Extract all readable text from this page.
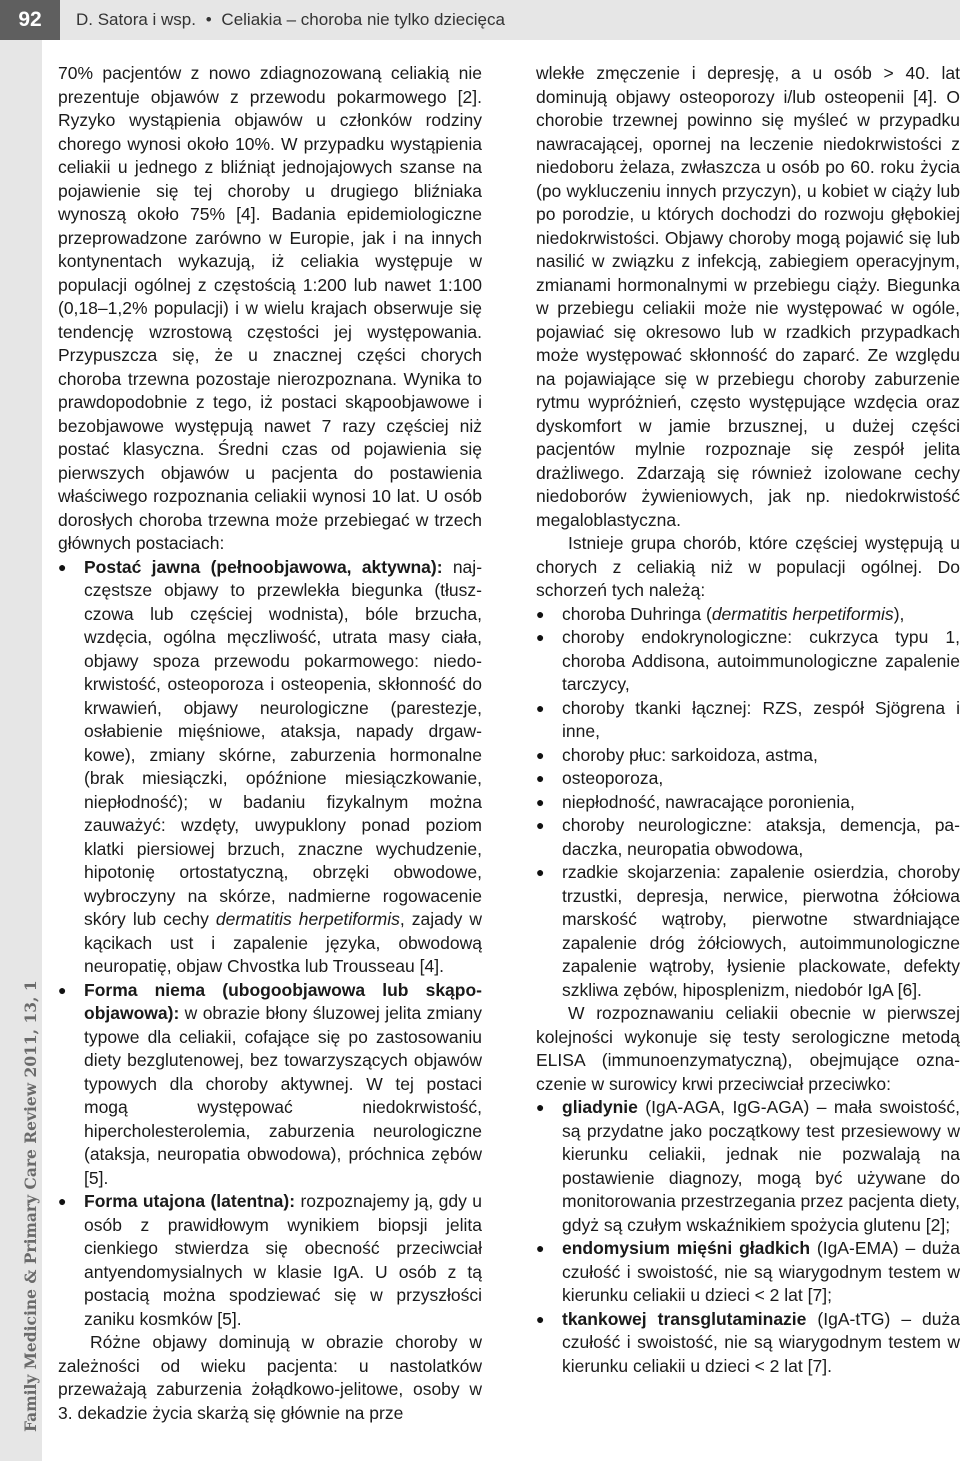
92	D. Satora i wsp. • Celiakia – choroba nie tylko dziecięca
Family Medicine & Primary Care Review 2011, 13, 1

70% pacjentów z nowo zdiagnozowaną celiakią nie prezentuje objawów z przewodu pokarmowego [2]. Ryzyko wystąpienia objawów u członków rodziny chorego wynosi około 10%. W przypadku wystąpienia celiakii u jednego z bliźniąt jednojajowych szanse na pojawienie się tej choroby u drugiego bliźniaka wynoszą około 75% [4]. Badania epidemiologiczne przeprowadzone zarówno w Europie, jak i na innych kontynentach wykazują, iż celiakia występuje w populacji ogólnej z częstością 1:200 lub nawet 1:100 (0,18–1,2% populacji) i w wielu krajach obserwuje się tendencję wzrostową częstości jej występowania. Przypuszcza się, że u znacznej części chorych choroba trzewna pozostaje nierozpoznana. Wynika to prawdopodobnie z tego, iż postaci skąpoobjawowe i bezobjawowe występują nawet 7 razy częściej niż postać klasyczna. Średni czas od pojawienia się pierwszych objawów u pacjenta do postawienia właściwego rozpoznania celiakii wynosi 10 lat. U osób dorosłych choroba trzewna może przebiegać w trzech głównych postaciach:

● Postać jawna (pełnoobjawowa, aktywna): najczęstsze objawy to przewlekła biegunka (tłuszczowa lub częściej wodnista), bóle brzucha, wzdęcia, ogólna męczliwość, utrata masy ciała, objawy spoza przewodu pokarmowego: niedokrwistość, osteoporoza i osteopenia, skłonność do krwawień, objawy neurologiczne (parestezje, osłabienie mięśniowe, ataksja, napady drgawkowe), zmiany skórne, zaburzenia hormonalne (brak miesiączki, opóźnione miesiączkowanie, niepłodność); w badaniu fizykalnym można zauważyć: wzdęty, uwypuklony ponad poziom klatki piersiowej brzuch, znaczne wychudzenie, hipotonię ortostatyczną, obrzęki obwodowe, wybroczyny na skórze, nadmierne rogowacenie skóry lub cechy dermatitis herpetiformis, zajady w kącikach ust i zapalenie języka, obwodową neuropatię, objaw Chvostka lub Trousseau [4].
● Forma niema (ubogoobjawowa lub skąpoobjawowa): w obrazie błony śluzowej jelita zmiany typowe dla celiakii, cofające się po zastosowaniu diety bezglutenowej, bez towarzyszących objawów typowych dla choroby aktywnej. W tej postaci mogą występować niedokrwistość, hipercholesterolemia, zaburzenia neurologiczne (ataksja, neuropatia obwodowa), próchnica zębów [5].
● Forma utajona (latentna): rozpoznajemy ją, gdy u osób z prawidłowym wynikiem biopsji jelita cienkiego stwierdza się obecność przeciwciał antyendomysialnych w klasie IgA. U osób z tą postacią można spodziewać się w przyszłości zaniku kosmków [5].

Różne objawy dominują w obrazie choroby w zależności od wieku pacjenta: u nastolatków przeważają zaburzenia żołądkowo-jelitowe, osoby w 3. dekadzie życia skarżą się głównie na prze

wlekłe zmęczenie i depresję, a u osób > 40. lat dominują objawy osteoporozy i/lub osteopenii [4]. O chorobie trzewnej powinno się myśleć w przypadku nawracającej, opornej na leczenie niedokrwistości z niedoboru żelaza, zwłaszcza u osób po 60. roku życia (po wykluczeniu innych przyczyn), u kobiet w ciąży lub po porodzie, u których dochodzi do rozwoju głębokiej niedokrwistości. Objawy choroby mogą pojawić się lub nasilić w związku z infekcją, zabiegiem operacyjnym, zmianami hormonalnymi w przebiegu ciąży. Biegunka w przebiegu celiakii może nie występować w ogóle, pojawiać się okresowo lub w rzadkich przypadkach może występować skłonność do zaparć. Ze względu na pojawiające się w przebiegu choroby zaburzenie rytmu wypróżnień, często występujące wzdęcia oraz dyskomfort w jamie brzusznej, u dużej części pacjentów mylnie rozpoznaje się zespół jelita drażliwego. Zdarzają się również izolowane cechy niedoborów żywieniowych, jak np. niedokrwistość megaloblastyczna.

Istnieje grupa chorób, które częściej występują u chorych z celiakią niż w populacji ogólnej. Do schorzeń tych należą:

● choroba Duhringa (dermatitis herpetiformis),
● choroby endokrynologiczne: cukrzyca typu 1, choroba Addisona, autoimmunologiczne zapalenie tarczycy,
● choroby tkanki łącznej: RZS, zespół Sjögrena i inne,
● choroby płuc: sarkoidoza, astma,
● osteoporoza,
● niepłodność, nawracające poronienia,
● choroby neurologiczne: ataksja, demencja, padaczka, neuropatia obwodowa,
● rzadkie skojarzenia: zapalenie osierdzia, choroby trzustki, depresja, nerwice, pierwotna żółciowa marskość wątroby, pierwotne stwardniające zapalenie dróg żółciowych, autoimmunologiczne zapalenie wątroby, łysienie plackowate, defekty szkliwa zębów, hiposplenizm, niedobór IgA [6].

W rozpoznawaniu celiakii obecnie w pierwszej kolejności wykonuje się testy serologiczne metodą ELISA (immunoenzymatyczną), obejmujące oznaczenie w surowicy krwi przeciwciał przeciwko:

● gliadynie (IgA-AGA, IgG-AGA) – mała swoistość, są przydatne jako początkowy test przesiewowy w kierunku celiakii, jednak nie pozwalają na postawienie diagnozy, mogą być używane do monitorowania przestrzegania przez pacjenta diety, gdyż są czułym wskaźnikiem spożycia glutenu [2];
● endomysium mięśni gładkich (IgA-EMA) – duża czułość i swoistość, nie są wiarygodnym testem w kierunku celiakii u dzieci < 2 lat [7];
● tkankowej transglutaminazie (IgA-tTG) – duża czułość i swoistość, nie są wiarygodnym testem w kierunku celiakii u dzieci < 2 lat [7].
